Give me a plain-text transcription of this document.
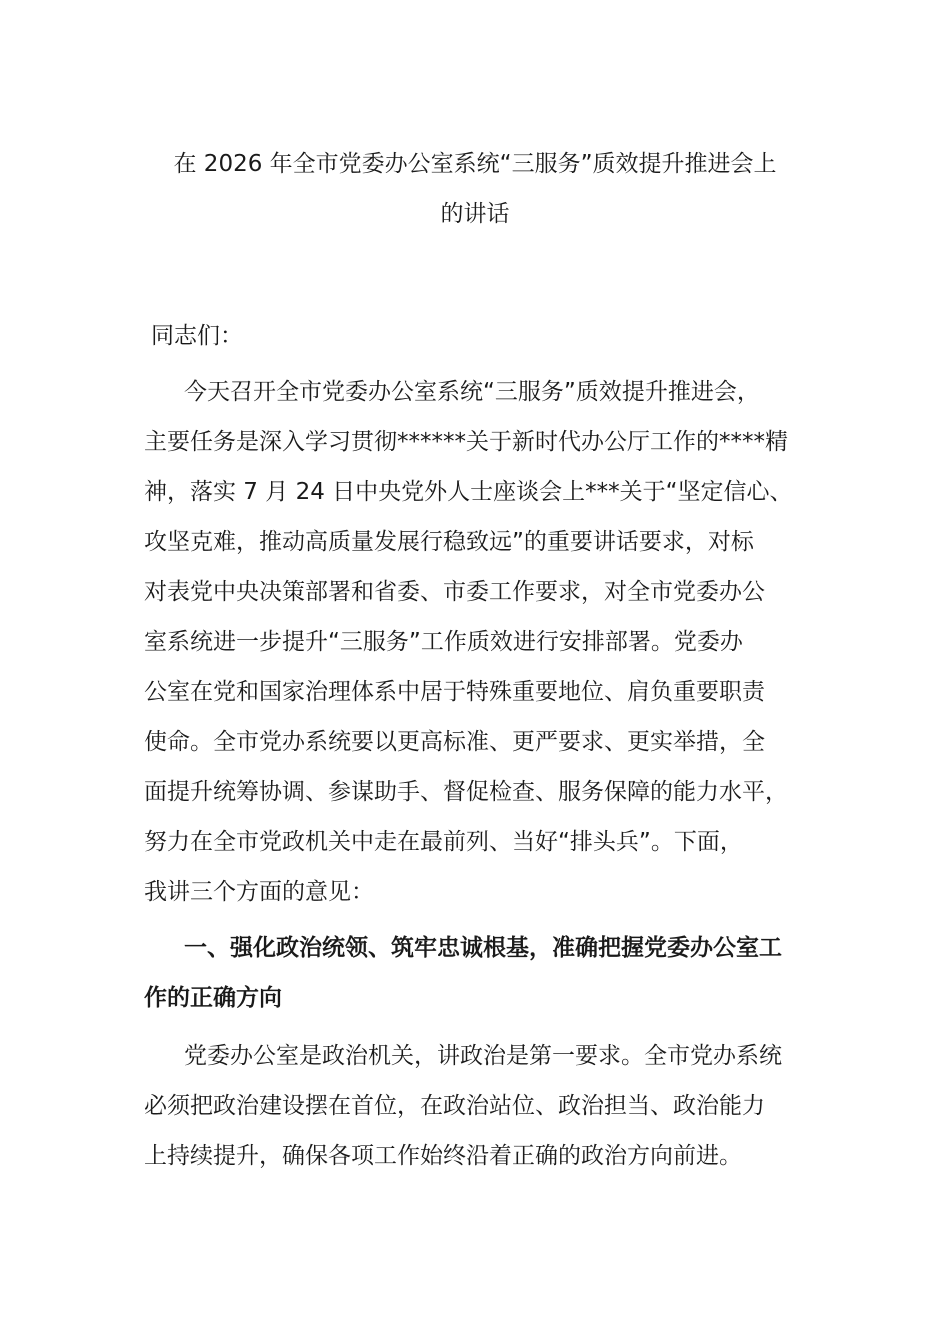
在 2026 年全市党委办公室系统“三服务”质效提升推进会上
的讲话
同志们：
今天召开全市党委办公室系统“三服务”质效提升推进会，
主要任务是深入学习贯彻******关于新时代办公厅工作的****精
神，落实 7 月 24 日中央党外人士座谈会上***关于“坚定信心、
攻坚克难，推动高质量发展行稳致远”的重要讲话要求，对标
对表党中央决策部署和省委、市委工作要求，对全市党委办公
室系统进一步提升“三服务”工作质效进行安排部署。党委办
公室在党和国家治理体系中居于特殊重要地位、肩负重要职责
使命。全市党办系统要以更高标准、更严要求、更实举措，全
面提升统筹协调、参谋助手、督促检查、服务保障的能力水平，
努力在全市党政机关中走在最前列、当好“排头兵”。下面，
我讲三个方面的意见：
一、强化政治统领、筑牢忠诚根基，准确把握党委办公室工
作的正确方向
党委办公室是政治机关，讲政治是第一要求。全市党办系统
必须把政治建设摆在首位，在政治站位、政治担当、政治能力
上持续提升，确保各项工作始终沿着正确的政治方向前进。
